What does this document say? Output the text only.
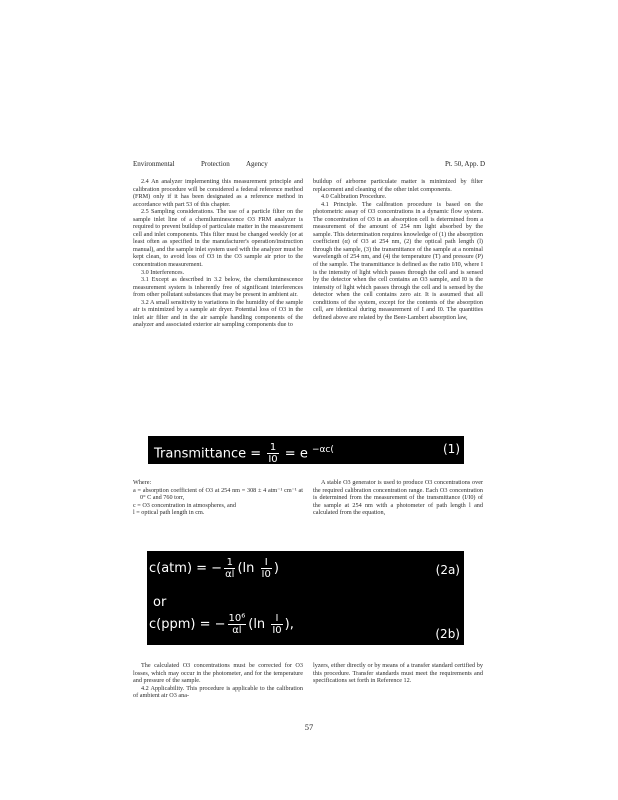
Environmental	Protection Agency	Pt. 50, App. D

2.4 An analyzer implementing this measurement principle and calibration procedure will be considered a federal reference method (FRM) only if it has been designated as a reference method in accordance with part 53 of this chapter.

2.5 Sampling considerations. The use of a particle filter on the sample inlet line of a chemiluminescence O3 FRM analyzer is required to prevent buildup of particulate matter in the measurement cell and inlet components. This filter must be changed weekly (or at least often as specified in the manufacturer's operation/instruction manual), and the sample inlet system used with the analyzer must be kept clean, to avoid loss of O3 in the O3 sample air prior to the concentration measurement.

3.0 Interferences.

3.1 Except as described in 3.2 below, the chemiluminescence measurement system is inherently free of significant interferences from other pollutant substances that may be present in ambient air.

3.2 A small sensitivity to variations in the humidity of the sample air is minimized by a sample air dryer. Potential loss of O3 in the inlet air filter and in the air sample handling components of the analyzer and associated exterior air sampling components due to

buildup of airborne particulate matter is minimized by filter replacement and cleaning of the other inlet components.

4.0 Calibration Procedure.

4.1 Principle. The calibration procedure is based on the photometric assay of O3 concentrations in a dynamic flow system. The concentration of O3 in an absorption cell is determined from a measurement of the amount of 254 nm light absorbed by the sample. This determination requires knowledge of (1) the absorption coefficient (α) of O3 at 254 nm, (2) the optical path length (l) through the sample, (3) the transmittance of the sample at a nominal wavelength of 254 nm, and (4) the temperature (T) and pressure (P) of the sample. The transmittance is defined as the ratio I/I0, where I is the intensity of light which passes through the cell and is sensed by the detector when the cell contains an O3 sample, and I0 is the intensity of light which passes through the cell and is sensed by the detector when the cell contains zero air. It is assumed that all conditions of the system, except for the contents of the absorption cell, are identical during measurement of I and I0. The quantities defined above are related by the Beer-Lambert absorption law,

Transmittance = $\frac{1}{I0} = e$ $^{-\alpha c(}$	(1)

Where:

a = absorption coefficient of O3 at 254 nm = 308 ± 4 atm⁻¹ cm⁻¹ at 0° C and 760 torr,

c = O3 concentration in atmospheres, and

l = optical path length in cm.

A stable O3 generator is used to produce O3 concentrations over the required calibration concentration range. Each O3 concentration is determined from the measurement of the transmittance (I/I0) of the sample at 254 nm with a photometer of path length l and calculated from the equation,

c(atm) = − $\frac{1}{\alpha l} (\ln \frac{I}{I0}$ )	(2a)
or
c(ppm) = − $\frac{\text{10⁶}}{\alpha l} (\ln \frac{I}{I0}$ ),
(2b)

The calculated O3 concentrations must be corrected for O3 losses, which may occur in the photometer, and for the temperature and pressure of the sample.

4.2 Applicability. This procedure is applicable to the calibration of ambient air O3 ana-

lyzers, either directly or by means of a transfer standard certified by this procedure. Transfer standards must meet the requirements and specifications set forth in Reference 12.

57
